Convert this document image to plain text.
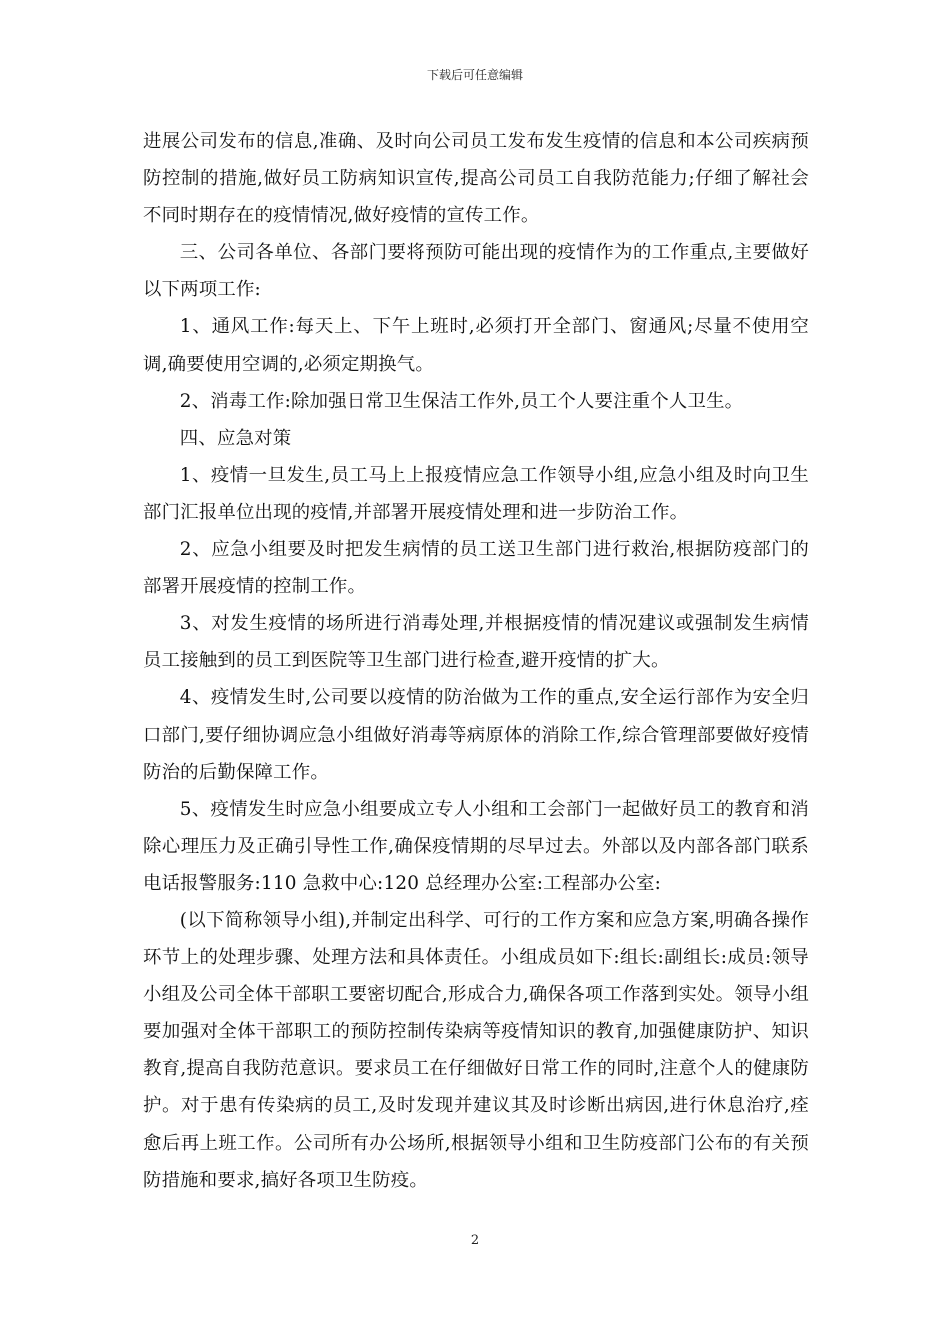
下载后可任意编辑

进展公司发布的信息,准确、及时向公司员工发布发生疫情的信息和本公司疾病预防控制的措施,做好员工防病知识宣传,提高公司员工自我防范能力;仔细了解社会不同时期存在的疫情情况,做好疫情的宣传工作。

三、公司各单位、各部门要将预防可能出现的疫情作为的工作重点,主要做好以下两项工作:

1、通风工作:每天上、下午上班时,必须打开全部门、窗通风;尽量不使用空调,确要使用空调的,必须定期换气。

2、消毒工作:除加强日常卫生保洁工作外,员工个人要注重个人卫生。

四、应急对策

1、疫情一旦发生,员工马上上报疫情应急工作领导小组,应急小组及时向卫生部门汇报单位出现的疫情,并部署开展疫情处理和进一步防治工作。

2、应急小组要及时把发生病情的员工送卫生部门进行救治,根据防疫部门的部署开展疫情的控制工作。

3、对发生疫情的场所进行消毒处理,并根据疫情的情况建议或强制发生病情员工接触到的员工到医院等卫生部门进行检查,避开疫情的扩大。

4、疫情发生时,公司要以疫情的防治做为工作的重点,安全运行部作为安全归口部门,要仔细协调应急小组做好消毒等病原体的消除工作,综合管理部要做好疫情防治的后勤保障工作。

5、疫情发生时应急小组要成立专人小组和工会部门一起做好员工的教育和消除心理压力及正确引导性工作,确保疫情期的尽早过去。外部以及内部各部门联系电话报警服务:110 急救中心:120 总经理办公室:工程部办公室:

(以下简称领导小组),并制定出科学、可行的工作方案和应急方案,明确各操作环节上的处理步骤、处理方法和具体责任。小组成员如下:组长:副组长:成员:领导小组及公司全体干部职工要密切配合,形成合力,确保各项工作落到实处。领导小组要加强对全体干部职工的预防控制传染病等疫情知识的教育,加强健康防护、知识教育,提高自我防范意识。要求员工在仔细做好日常工作的同时,注意个人的健康防护。对于患有传染病的员工,及时发现并建议其及时诊断出病因,进行休息治疗,痊愈后再上班工作。公司所有办公场所,根据领导小组和卫生防疫部门公布的有关预防措施和要求,搞好各项卫生防疫。

2
